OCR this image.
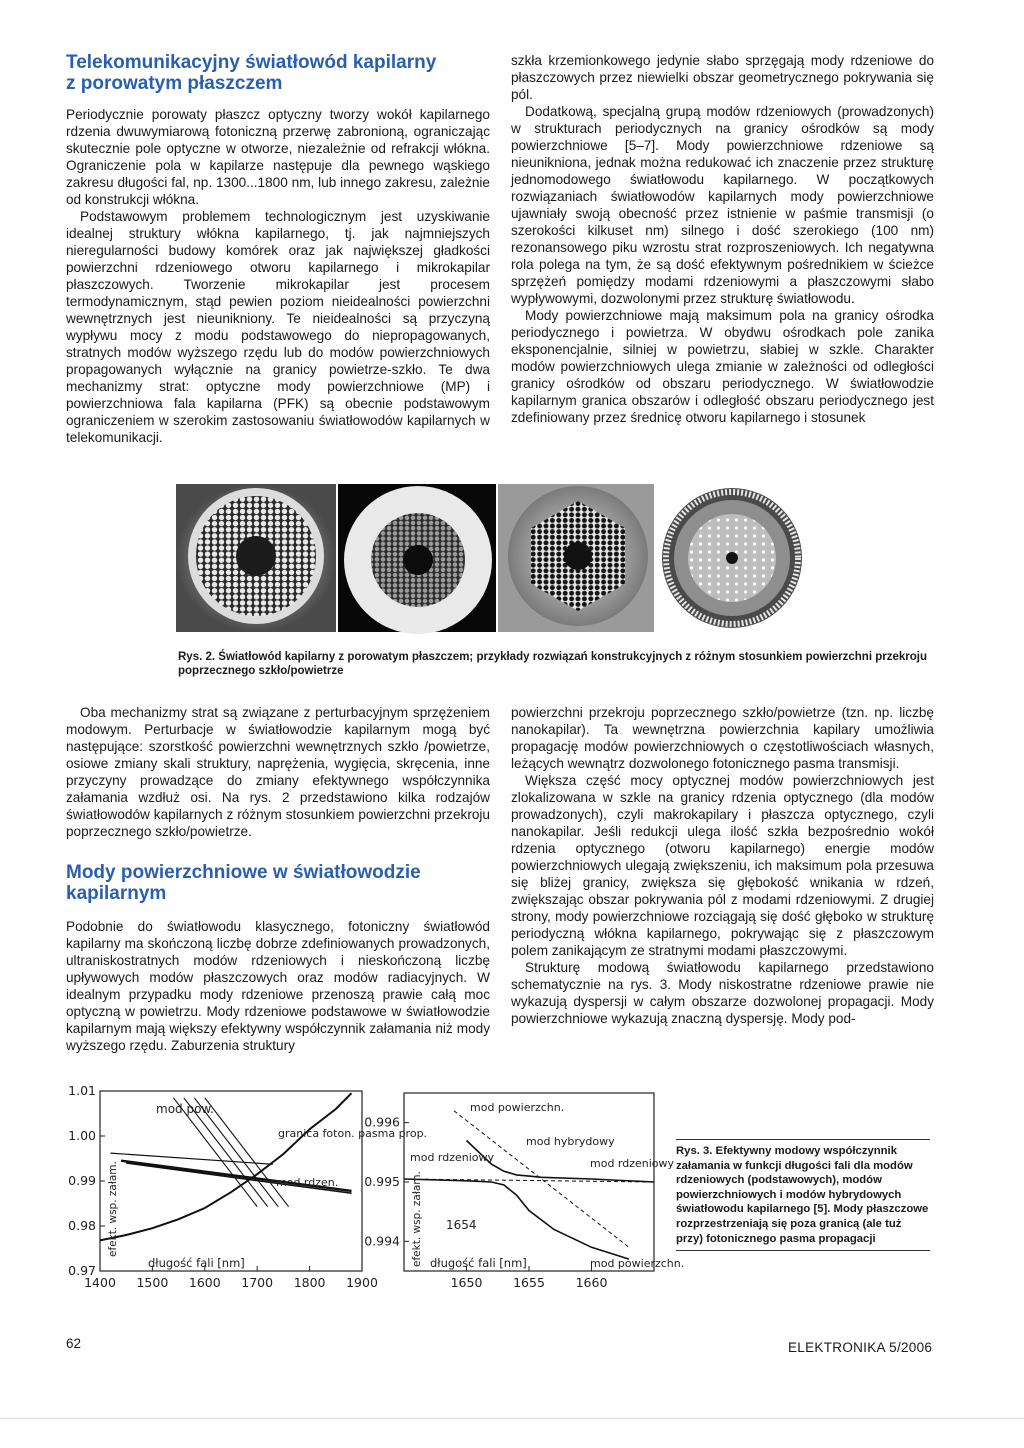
Telekomunikacyjny światłowód kapilarny
z porowatym płaszczem

Periodycznie porowaty płaszcz optyczny tworzy wokół kapilarnego rdzenia dwuwymiarową fotoniczną przerwę zabronioną, ograniczając skutecznie pole optyczne w otworze, niezależnie od refrakcji włókna. Ograniczenie pola w kapilarze następuje dla pewnego wąskiego zakresu długości fal, np. 1300...1800 nm, lub innego zakresu, zależnie od konstrukcji włókna.

Podstawowym problemem technologicznym jest uzyskiwanie idealnej struktury włókna kapilarnego, tj. jak najmniejszych nieregularności budowy komórek oraz jak największej gładkości powierzchni rdzeniowego otworu kapilarnego i mikrokapilar płaszczowych. Tworzenie mikrokapilar jest procesem termodynamicznym, stąd pewien poziom nieidealności powierzchni wewnętrznych jest nieunikniony. Te nieidealności są przyczyną wypływu mocy z modu podstawowego do niepropagowanych, stratnych modów wyższego rzędu lub do modów powierzchniowych propagowanych wyłącznie na granicy powietrze-szkło. Te dwa mechanizmy strat: optyczne mody powierzchniowe (MP) i powierzchniowa fala kapilarna (PFK) są obecnie podstawowym ograniczeniem w szerokim zastosowaniu światłowodów kapilarnych w telekomunikacji.

szkła krzemionkowego jedynie słabo sprzęgają mody rdzeniowe do płaszczowych przez niewielki obszar geometrycznego pokrywania się pól.

Dodatkową, specjalną grupą modów rdzeniowych (prowadzonych) w strukturach periodycznych na granicy ośrodków są mody powierzchniowe [5–7]. Mody powierzchniowe rdzeniowe są nieunikniona, jednak można redukować ich znaczenie przez strukturę jednomodowego światłowodu kapilarnego. W początkowych rozwiązaniach światłowodów kapilarnych mody powierzchniowe ujawniały swoją obecność przez istnienie w paśmie transmisji (o szerokości kilkuset nm) silnego i dość szerokiego (100 nm) rezonansowego piku wzrostu strat rozproszeniowych. Ich negatywna rola polega na tym, że są dość efektywnym pośrednikiem w ścieżce sprzężeń pomiędzy modami rdzeniowymi a płaszczowymi słabo wypływowymi, dozwolonymi przez strukturę światłowodu.

Mody powierzchniowe mają maksimum pola na granicy ośrodka periodycznego i powietrza. W obydwu ośrodkach pole zanika eksponencjalnie, silniej w powietrzu, słabiej w szkle. Charakter modów powierzchniowych ulega zmianie w zależności od odległości granicy ośrodków od obszaru periodycznego. W światłowodzie kapilarnym granica obszarów i odległość obszaru periodycznego jest zdefiniowany przez średnicę otworu kapilarnego i stosunek

Rys. 2. Światłowód kapilarny z porowatym płaszczem; przykłady rozwiązań konstrukcyjnych z różnym stosunkiem powierzchni przekroju poprzecznego szkło/powietrze

Oba mechanizmy strat są związane z perturbacyjnym sprzężeniem modowym. Perturbacje w światłowodzie kapilarnym mogą być następujące: szorstkość powierzchni wewnętrznych szkło /powietrze, osiowe zmiany skali struktury, naprężenia, wygięcia, skręcenia, inne przyczyny prowadzące do zmiany efektywnego współczynnika załamania wzdłuż osi. Na rys. 2 przedstawiono kilka rodzajów światłowodów kapilarnych z różnym stosunkiem powierzchni przekroju poprzecznego szkło/powietrze.

Mody powierzchniowe w światłowodzie
kapilarnym

Podobnie do światłowodu klasycznego, fotoniczny światłowód kapilarny ma skończoną liczbę dobrze zdefiniowanych prowadzonych, ultraniskostratnych modów rdzeniowych i nieskończoną liczbę upływowych modów płaszczowych oraz modów radiacyjnych. W idealnym przypadku mody rdzeniowe przenoszą prawie całą moc optyczną w powietrzu. Mody rdzeniowe podstawowe w światłowodzie kapilarnym mają większy efektywny współczynnik załamania niż mody wyższego rzędu. Zaburzenia struktury

powierzchni przekroju poprzecznego szkło/powietrze (tzn. np. liczbę nanokapilar). Ta wewnętrzna powierzchnia kapilary umożliwia propagację modów powierzchniowych o częstotliwościach własnych, leżących wewnątrz dozwolonego fotonicznego pasma transmisji.

Większa część mocy optycznej modów powierzchniowych jest zlokalizowana w szkle na granicy rdzenia optycznego (dla modów prowadzonych), czyli makrokapilary i płaszcza optycznego, czyli nanokapilar. Jeśli redukcji ulega ilość szkła bezpośrednio wokół rdzenia optycznego (otworu kapilarnego) energie modów powierzchniowych ulegają zwiększeniu, ich maksimum pola przesuwa się bliżej granicy, zwiększa się głębokość wnikania w rdzeń, zwiększając obszar pokrywania pól z modami rdzeniowymi. Z drugiej strony, mody powierzchniowe rozciągają się dość głęboko w strukturę periodyczną włókna kapilarnego, pokrywając się z płaszczowym polem zanikającym ze stratnymi modami płaszczowymi.

Strukturę modową światłowodu kapilarnego przedstawiono schematycznie na rys. 3. Mody niskostratne rdzeniowe prawie nie wykazują dyspersji w całym obszarze dozwolonej propagacji. Mody powierzchniowe wykazują znaczną dyspersję. Mody pod-

1400 1500 1600 1700 1800 1900
0.97
0.98
0.99
1.00
1.01
mod pow.
granica foton. pasma prop.
mod rdzen.
efekt. wsp. załam.
długość fali [nm]
1650 1655 1660
0.994
0.995
0.996
mod powierzchn.
mod rdzeniowy
mod hybrydowy
mod rdzeniowy
1654
mod powierzchn.
efekt. wsp. załam. długość fali [nm]
Rys. 3. Efektywny modowy współczynnik załamania w funkcji długości fali dla modów rdzeniowych (podstawowych), modów powierzchniowych i modów hybrydowych światłowodu kapilarnego [5]. Mody płaszczowe rozprzestrzeniają się poza granicą (ale tuż przy) fotonicznego pasma propagacji
62	ELEKTRONIKA 5/2006
